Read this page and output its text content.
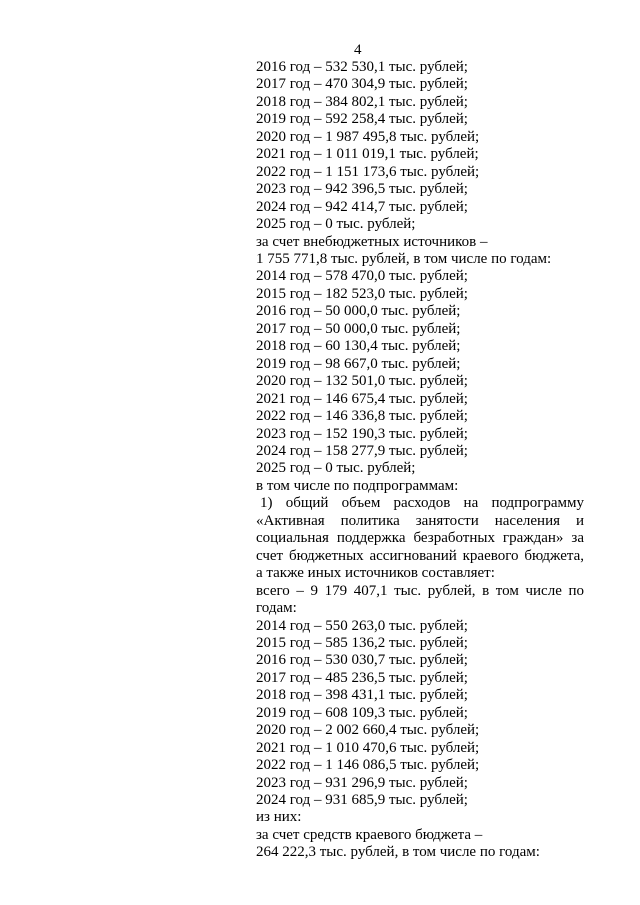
4
2016 год – 532 530,1 тыс. рублей;
2017 год – 470 304,9 тыс. рублей;
2018 год – 384 802,1 тыс. рублей;
2019 год – 592 258,4 тыс. рублей;
2020 год – 1 987 495,8 тыс. рублей;
2021 год – 1 011 019,1 тыс. рублей;
2022 год – 1 151 173,6 тыс. рублей;
2023 год – 942 396,5 тыс. рублей;
2024 год – 942 414,7 тыс. рублей;
2025 год – 0 тыс. рублей;
за счет внебюджетных источников –
1 755 771,8 тыс. рублей, в том числе по годам:
2014 год – 578 470,0 тыс. рублей;
2015 год – 182 523,0 тыс. рублей;
2016 год – 50 000,0 тыс. рублей;
2017 год – 50 000,0 тыс. рублей;
2018 год – 60 130,4 тыс. рублей;
2019 год – 98 667,0 тыс. рублей;
2020 год – 132 501,0 тыс. рублей;
2021 год – 146 675,4 тыс. рублей;
2022 год – 146 336,8 тыс. рублей;
2023 год – 152 190,3 тыс. рублей;
2024 год – 158 277,9 тыс. рублей;
2025 год – 0 тыс. рублей;
в том числе по подпрограммам:
1) общий объем расходов на подпрограмму
«Активная политика занятости населения и
социальная поддержка безработных граждан» за
счет бюджетных ассигнований краевого бюджета,
а также иных источников составляет:
всего – 9 179 407,1 тыс. рублей, в том числе по
годам:
2014 год – 550 263,0 тыс. рублей;
2015 год – 585 136,2 тыс. рублей;
2016 год – 530 030,7 тыс. рублей;
2017 год – 485 236,5 тыс. рублей;
2018 год – 398 431,1 тыс. рублей;
2019 год – 608 109,3 тыс. рублей;
2020 год – 2 002 660,4 тыс. рублей;
2021 год – 1 010 470,6 тыс. рублей;
2022 год – 1 146 086,5 тыс. рублей;
2023 год – 931 296,9 тыс. рублей;
2024 год – 931 685,9 тыс. рублей;
из них:
за счет средств краевого бюджета –
264 222,3 тыс. рублей, в том числе по годам:
